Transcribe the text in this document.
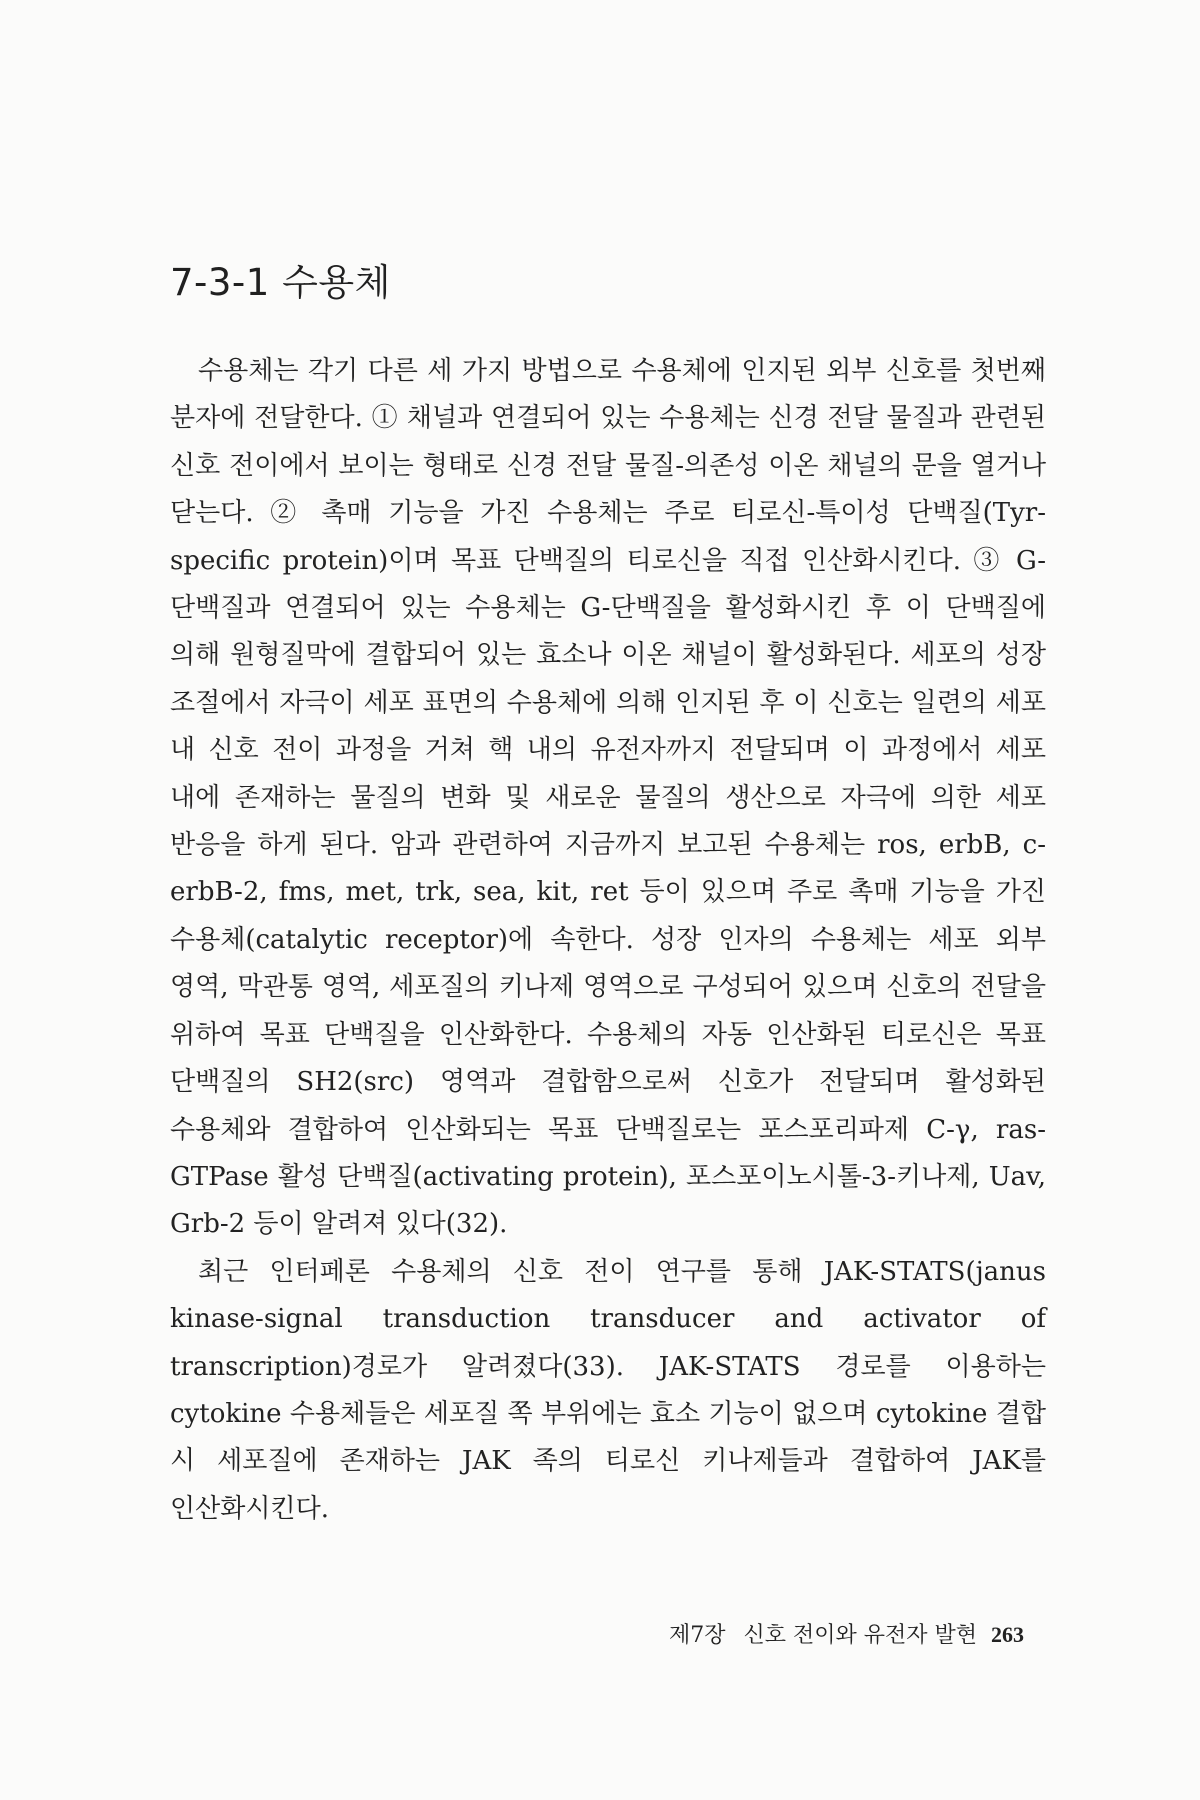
7-3-1 수용체

수용체는 각기 다른 세 가지 방법으로 수용체에 인지된 외부 신호를 첫번째 분자에 전달한다. ① 채널과 연결되어 있는 수용체는 신경 전달 물질과 관련된 신호 전이에서 보이는 형태로 신경 전달 물질-의존성 이온 채널의 문을 열거나 닫는다. ② 촉매 기능을 가진 수용체는 주로 티로신-특이성 단백질(Tyr-specific protein)이며 목표 단백질의 티로신을 직접 인산화시킨다. ③ G-단백질과 연결되어 있는 수용체는 G-단백질을 활성화시킨 후 이 단백질에 의해 원형질막에 결합되어 있는 효소나 이온 채널이 활성화된다. 세포의 성장 조절에서 자극이 세포 표면의 수용체에 의해 인지된 후 이 신호는 일련의 세포 내 신호 전이 과정을 거쳐 핵 내의 유전자까지 전달되며 이 과정에서 세포 내에 존재하는 물질의 변화 및 새로운 물질의 생산으로 자극에 의한 세포 반응을 하게 된다. 암과 관련하여 지금까지 보고된 수용체는 ros, erbB, c-erbB-2, fms, met, trk, sea, kit, ret 등이 있으며 주로 촉매 기능을 가진 수용체(catalytic receptor)에 속한다. 성장 인자의 수용체는 세포 외부 영역, 막관통 영역, 세포질의 키나제 영역으로 구성되어 있으며 신호의 전달을 위하여 목표 단백질을 인산화한다. 수용체의 자동 인산화된 티로신은 목표 단백질의 SH2(src) 영역과 결합함으로써 신호가 전달되며 활성화된 수용체와 결합하여 인산화되는 목표 단백질로는 포스포리파제 C-γ, ras-GTPase 활성 단백질(activating protein), 포스포이노시톨-3-키나제, Uav, Grb-2 등이 알려져 있다(32).

최근 인터페론 수용체의 신호 전이 연구를 통해 JAK-STATS(janus kinase-signal transduction transducer and activator of transcription)경로가 알려졌다(33). JAK-STATS 경로를 이용하는 cytokine 수용체들은 세포질 쪽 부위에는 효소 기능이 없으며 cytokine 결합 시 세포질에 존재하는 JAK 족의 티로신 키나제들과 결합하여 JAK를 인산화시킨다.

제7장 신호 전이와 유전자 발현 263
